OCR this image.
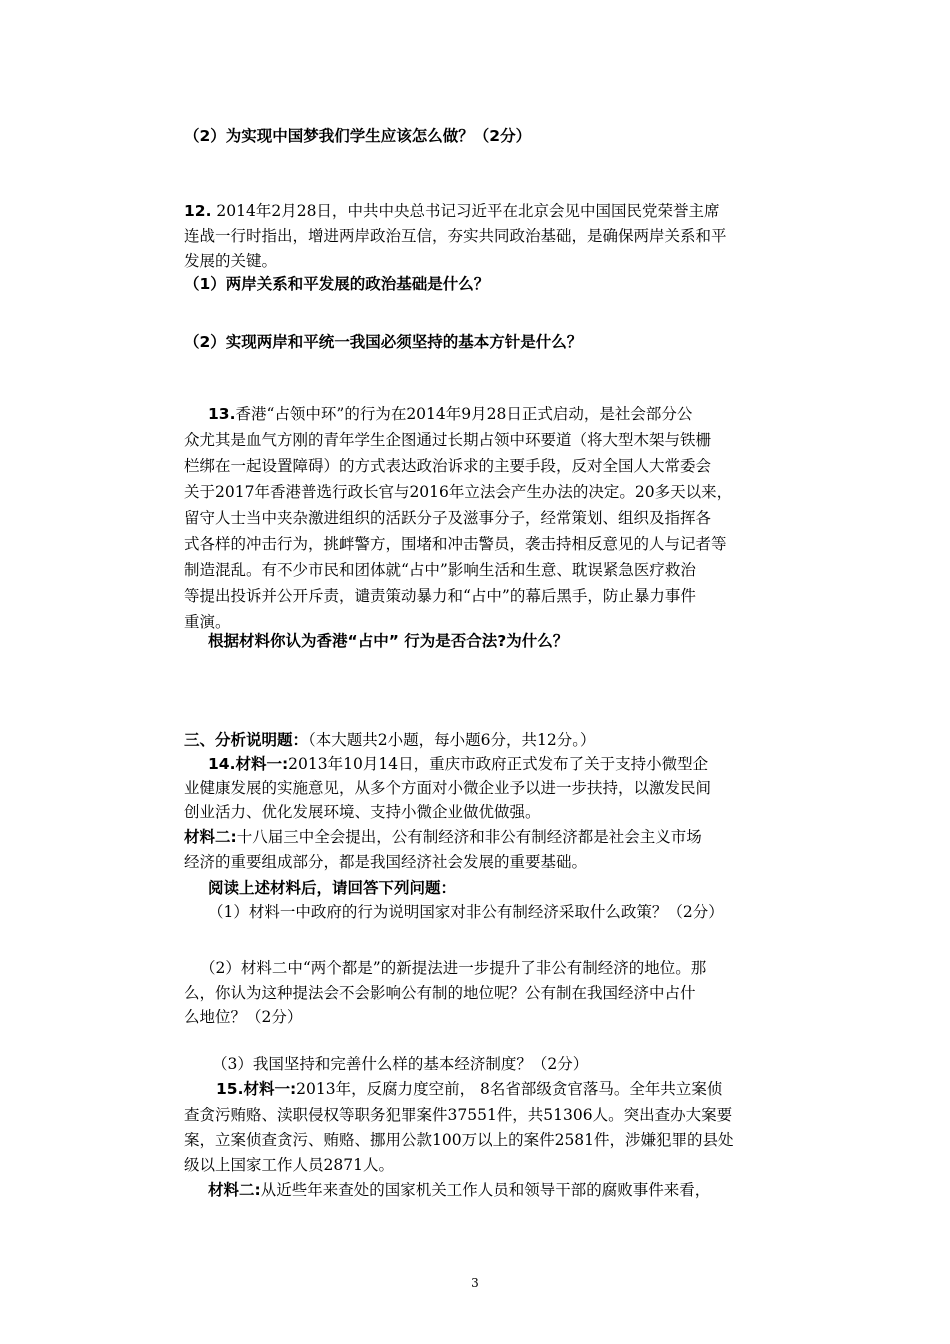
（2）为实现中国梦我们学生应该怎么做？（2分）
12. 2014年2月28日，中共中央总书记习近平在北京会见中国国民党荣誉主席
连战一行时指出，增进两岸政治互信，夯实共同政治基础，是确保两岸关系和平
发展的关键。
（1）两岸关系和平发展的政治基础是什么？
（2）实现两岸和平统一我国必须坚持的基本方针是什么？
13.香港“占领中环”的行为在2014年9月28日正式启动，是社会部分公
众尤其是血气方刚的青年学生企图通过长期占领中环要道（将大型木架与铁栅
栏绑在一起设置障碍）的方式表达政治诉求的主要手段，反对全国人大常委会
关于2017年香港普选行政长官与2016年立法会产生办法的决定。20多天以来，
留守人士当中夹杂激进组织的活跃分子及滋事分子，经常策划、组织及指挥各
式各样的冲击行为，挑衅警方，围堵和冲击警员，袭击持相反意见的人与记者等
制造混乱。有不少市民和团体就“占中”影响生活和生意、耽误紧急医疗救治
等提出投诉并公开斥责，谴责策动暴力和“占中”的幕后黑手，防止暴力事件
重演。
根据材料你认为香港“占中” 行为是否合法?为什么？
三、分析说明题：（本大题共2小题，每小题6分，共12分。）
14.材料一:2013年10月14日，重庆市政府正式发布了关于支持小微型企
业健康发展的实施意见，从多个方面对小微企业予以进一步扶持，以激发民间
创业活力、优化发展环境、支持小微企业做优做强。
材料二:十八届三中全会提出，公有制经济和非公有制经济都是社会主义市场
经济的重要组成部分，都是我国经济社会发展的重要基础。
阅读上述材料后，请回答下列问题：
（1）材料一中政府的行为说明国家对非公有制经济采取什么政策？（2分）
（2）材料二中“两个都是”的新提法进一步提升了非公有制经济的地位。那
么，你认为这种提法会不会影响公有制的地位呢？公有制在我国经济中占什
么地位？（2分）
（3）我国坚持和完善什么样的基本经济制度？（2分）
15.材料一:2013年，反腐力度空前， 8名省部级贪官落马。全年共立案侦
查贪污贿赂、渎职侵权等职务犯罪案件37551件，共51306人。突出查办大案要
案，立案侦查贪污、贿赂、挪用公款100万以上的案件2581件，涉嫌犯罪的县处
级以上国家工作人员2871人。
材料二:从近些年来查处的国家机关工作人员和领导干部的腐败事件来看，
3
